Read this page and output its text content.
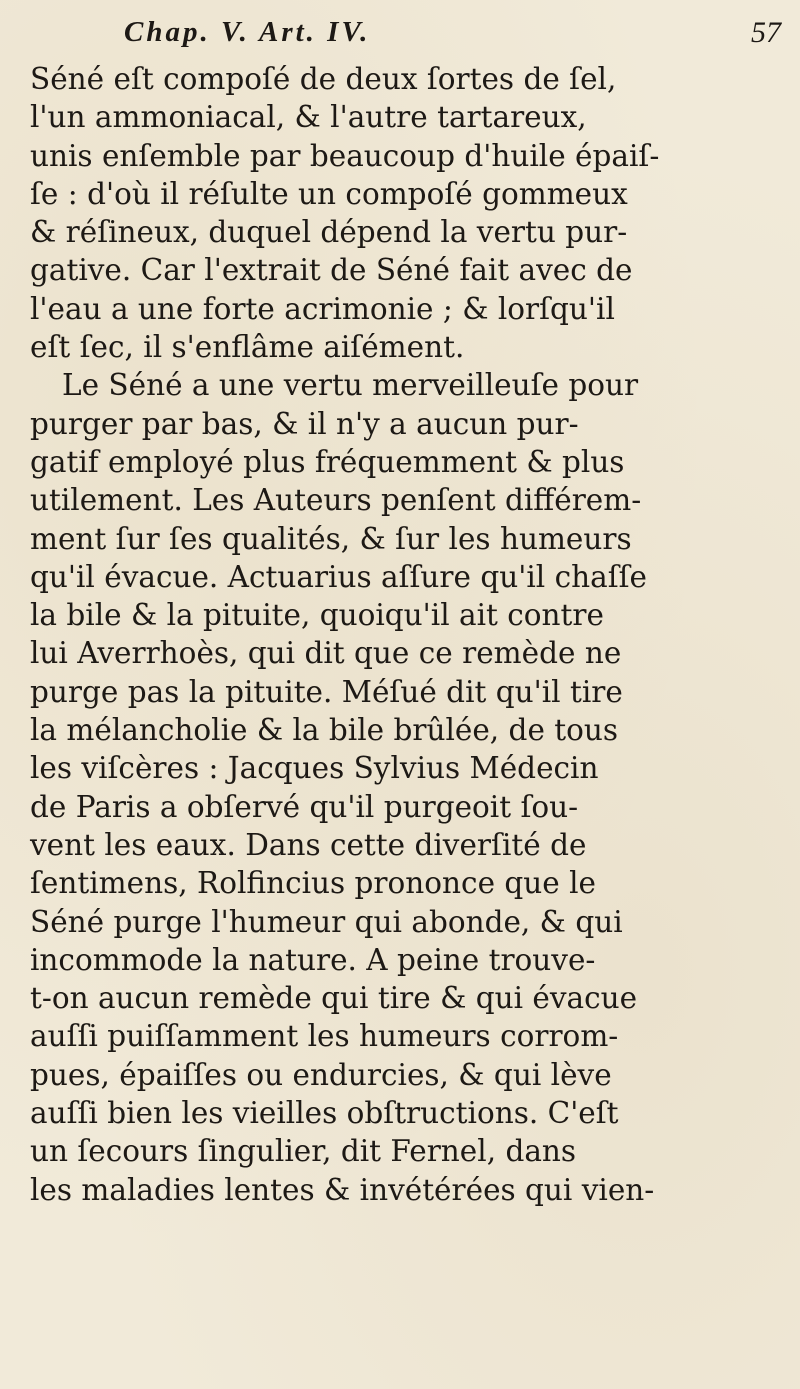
Chap. V. Art. IV.	57
Séné eſt compoſé de deux ſortes de ſel,
l'un ammoniacal, & l'autre tartareux,
unis enſemble par beaucoup d'huile épaiſ-
ſe : d'où il réſulte un compoſé gommeux
& réſineux, duquel dépend la vertu pur-
gative. Car l'extrait de Séné fait avec de
l'eau a une forte acrimonie ; & lorſqu'il
eſt ſec, il s'enflâme aiſément.
Le Séné a une vertu merveilleuſe pour
purger par bas, & il n'y a aucun pur-
gatif employé plus fréquemment & plus
utilement. Les Auteurs penſent différem-
ment ſur ſes qualités, & ſur les humeurs
qu'il évacue. Actuarius aſſure qu'il chaſſe
la bile & la pituite, quoiqu'il ait contre
lui Averrhoès, qui dit que ce remède ne
purge pas la pituite. Méſué dit qu'il tire
la mélancholie & la bile brûlée, de tous
les viſcères : Jacques Sylvius Médecin
de Paris a obſervé qu'il purgeoit ſou-
vent les eaux. Dans cette diverſité de
ſentimens, Rolfincius prononce que le
Séné purge l'humeur qui abonde, & qui
incommode la nature. A peine trouve-
t-on aucun remède qui tire & qui évacue
auſſi puiſſamment les humeurs corrom-
pues, épaiſſes ou endurcies, & qui lève
auſſi bien les vieilles obſtructions. C'eſt
un ſecours ſingulier, dit Fernel, dans
les maladies lentes & invétérées qui vien-
